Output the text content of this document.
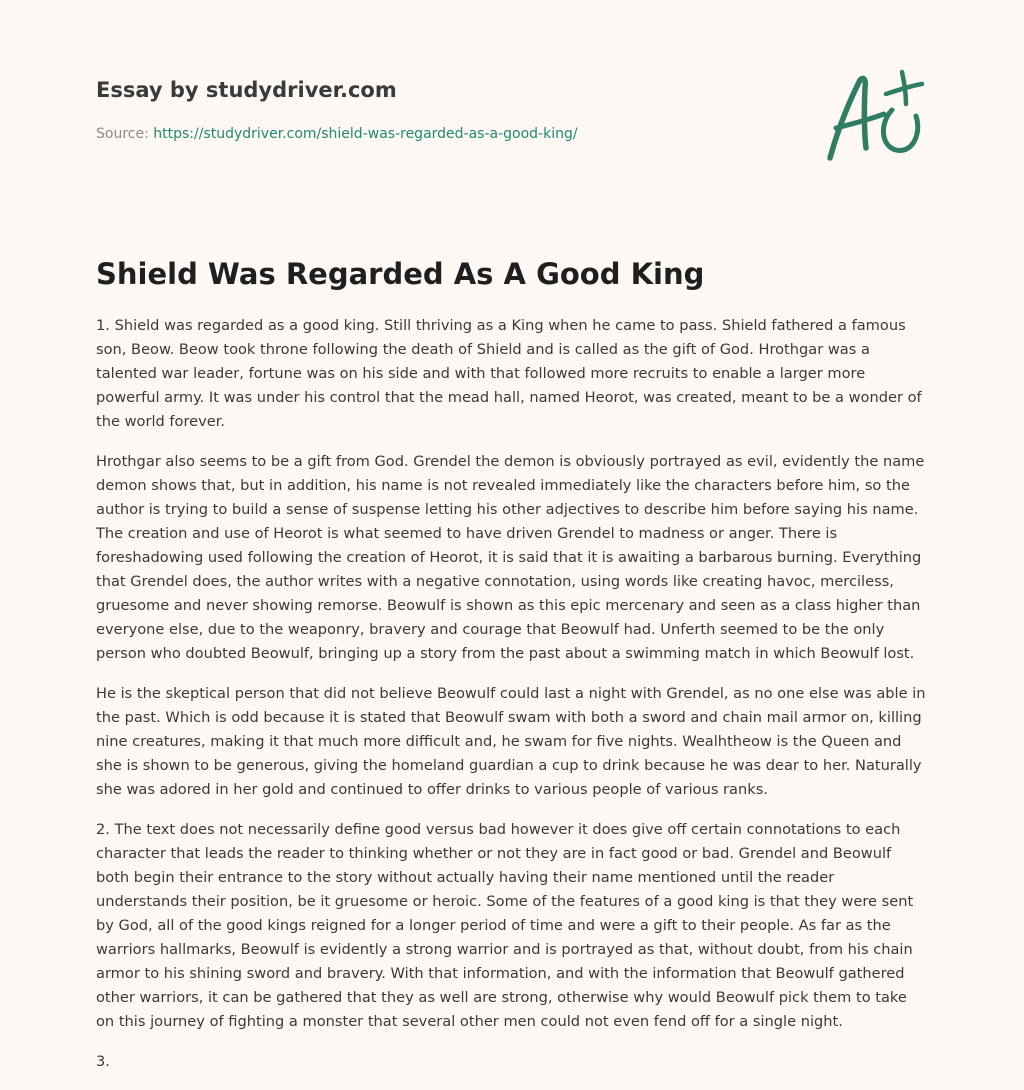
Essay by studydriver.com
Source: https://studydriver.com/shield-was-regarded-as-a-good-king/
Shield Was Regarded As A Good King

1. Shield was regarded as a good king. Still thriving as a King when he came to pass. Shield fathered a famous son, Beow. Beow took throne following the death of Shield and is called as the gift of God. Hrothgar was a talented war leader, fortune was on his side and with that followed more recruits to enable a larger more powerful army. It was under his control that the mead hall, named Heorot, was created, meant to be a wonder of the world forever.

Hrothgar also seems to be a gift from God. Grendel the demon is obviously portrayed as evil, evidently the name demon shows that, but in addition, his name is not revealed immediately like the characters before him, so the author is trying to build a sense of suspense letting his other adjectives to describe him before saying his name. The creation and use of Heorot is what seemed to have driven Grendel to madness or anger. There is foreshadowing used following the creation of Heorot, it is said that it is awaiting a barbarous burning. Everything that Grendel does, the author writes with a negative connotation, using words like creating havoc, merciless, gruesome and never showing remorse. Beowulf is shown as this epic mercenary and seen as a class higher than everyone else, due to the weaponry, bravery and courage that Beowulf had. Unferth seemed to be the only person who doubted Beowulf, bringing up a story from the past about a swimming match in which Beowulf lost.

He is the skeptical person that did not believe Beowulf could last a night with Grendel, as no one else was able in the past. Which is odd because it is stated that Beowulf swam with both a sword and chain mail armor on, killing nine creatures, making it that much more difficult and, he swam for five nights. Wealhtheow is the Queen and she is shown to be generous, giving the homeland guardian a cup to drink because he was dear to her. Naturally she was adored in her gold and continued to offer drinks to various people of various ranks.

2. The text does not necessarily define good versus bad however it does give off certain connotations to each character that leads the reader to thinking whether or not they are in fact good or bad. Grendel and Beowulf both begin their entrance to the story without actually having their name mentioned until the reader understands their position, be it gruesome or heroic. Some of the features of a good king is that they were sent by God, all of the good kings reigned for a longer period of time and were a gift to their people. As far as the warriors hallmarks, Beowulf is evidently a strong warrior and is portrayed as that, without doubt, from his chain armor to his shining sword and bravery. With that information, and with the information that Beowulf gathered other warriors, it can be gathered that they as well are strong, otherwise why would Beowulf pick them to take on this journey of fighting a monster that several other men could not even fend off for a single night.

3.
